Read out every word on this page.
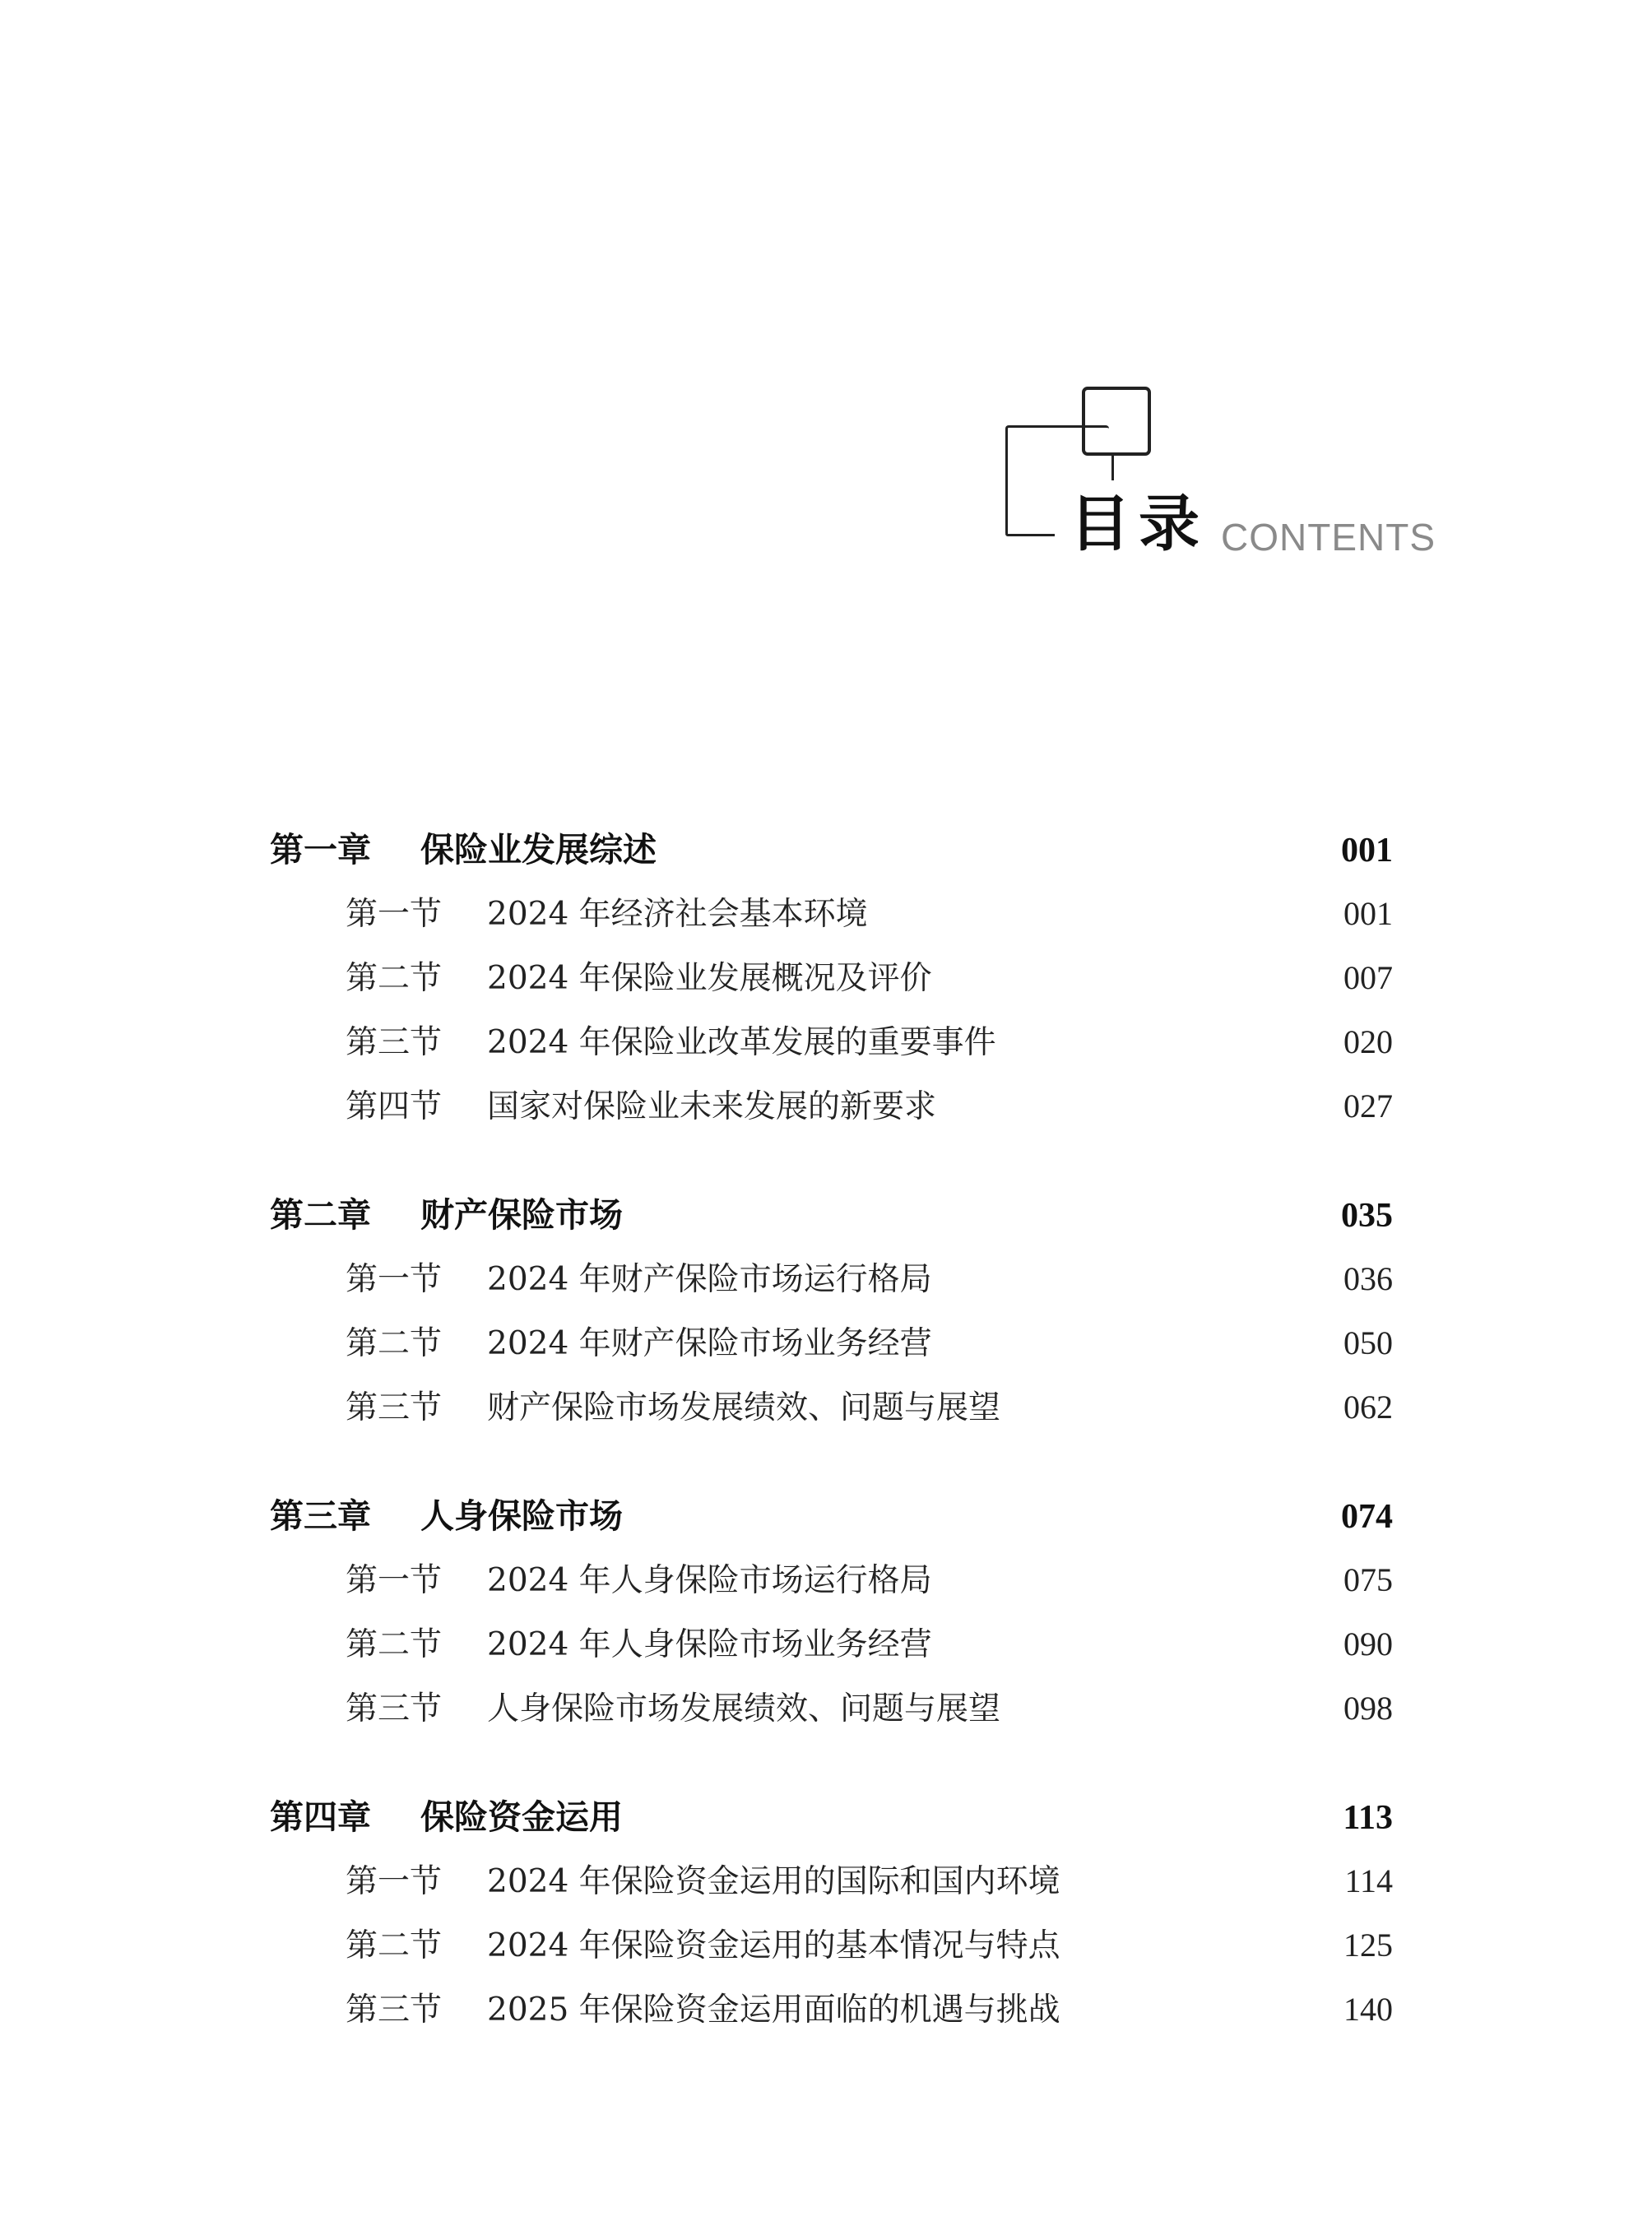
目录 CONTENTS
第一章	保险业发展综述	001
第一节	2024 年经济社会基本环境	001
第二节	2024 年保险业发展概况及评价	007
第三节	2024 年保险业改革发展的重要事件	020
第四节	国家对保险业未来发展的新要求	027
第二章	财产保险市场	035
第一节	2024 年财产保险市场运行格局	036
第二节	2024 年财产保险市场业务经营	050
第三节	财产保险市场发展绩效、问题与展望	062
第三章	人身保险市场	074
第一节	2024 年人身保险市场运行格局	075
第二节	2024 年人身保险市场业务经营	090
第三节	人身保险市场发展绩效、问题与展望	098
第四章	保险资金运用	113
第一节	2024 年保险资金运用的国际和国内环境	114
第二节	2024 年保险资金运用的基本情况与特点	125
第三节	2025 年保险资金运用面临的机遇与挑战	140
